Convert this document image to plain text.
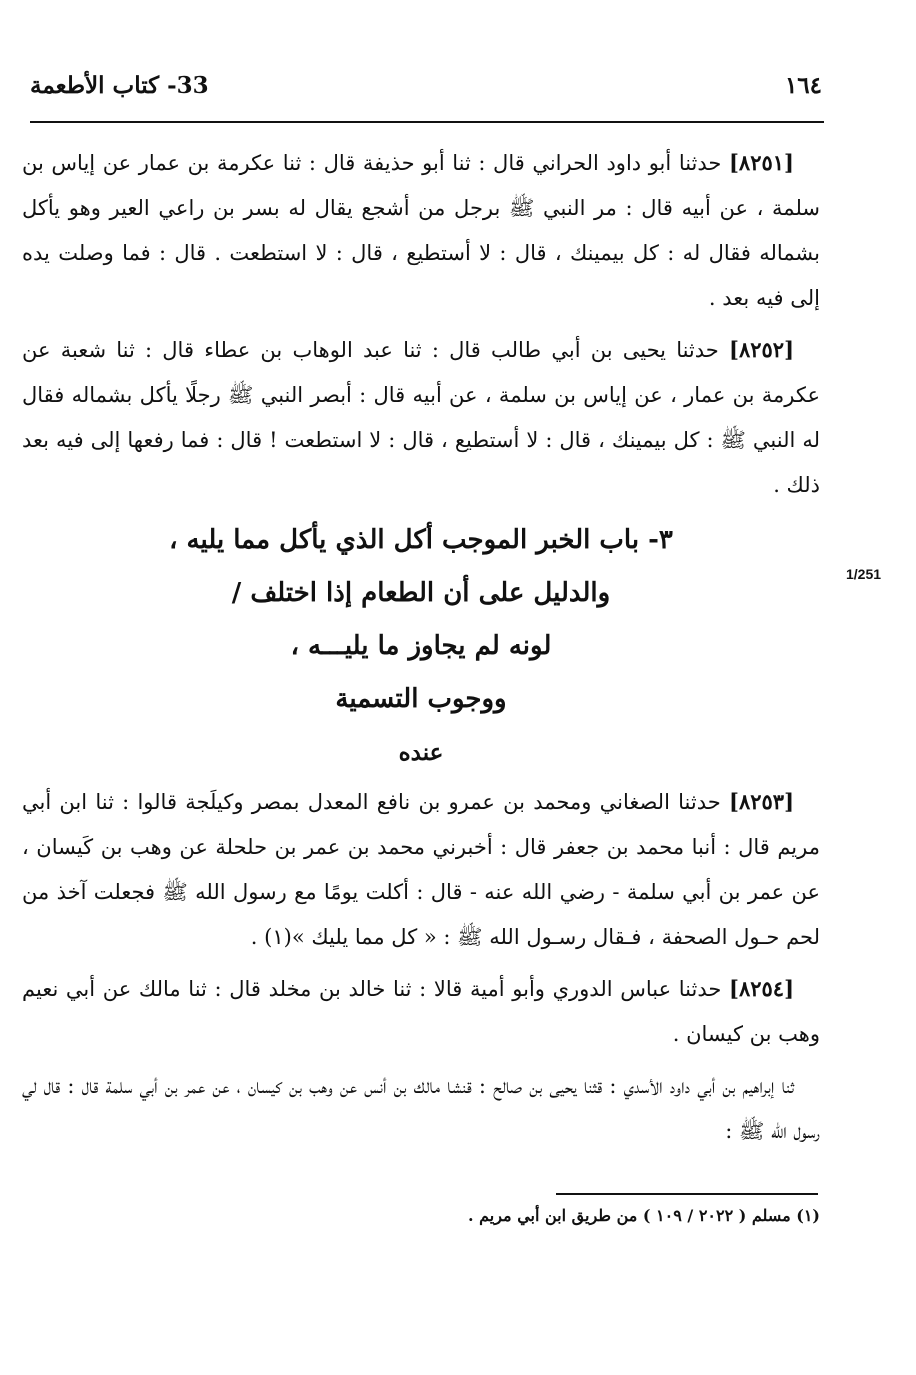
١٦٤
33- كتاب الأطعمة
1/251

[٨٢٥١] حدثنا أبو داود الحراني قال : ثنا أبو حذيفة قال : ثنا عكرمة بن عمار عن إياس بن سلمة ، عن أبيه قال : مر النبي ﷺ برجل من أشجع يقال له بسر بن راعي العير وهو يأكل بشماله فقال له : كل بيمينك ، قال : لا أستطيع ، قال : لا استطعت . قال : فما وصلت يده إلى فيه بعد .

[٨٢٥٢] حدثنا يحيى بن أبي طالب قال : ثنا عبد الوهاب بن عطاء قال : ثنا شعبة عن عكرمة بن عمار ، عن إياس بن سلمة ، عن أبيه قال : أبصر النبي ﷺ رجلًا يأكل بشماله فقال له النبي ﷺ : كل بيمينك ، قال : لا أستطيع ، قال : لا استطعت ! قال : فما رفعها إلى فيه بعد ذلك .

٣- باب الخبر الموجب أكل الذي يأكل مما يليه ،

والدليل على أن الطعام إذا اختلف /

لونه لم يجاوز ما يليـــه ،

ووجوب التسمية

عنده

[٨٢٥٣] حدثنا الصغاني ومحمد بن عمرو بن نافع المعدل بمصر وكيلَجة قالوا : ثنا ابن أبي مريم قال : أنبا محمد بن جعفر قال : أخبرني محمد بن عمر بن حلحلة عن وهب بن كَيسان ، عن عمر بن أبي سلمة - رضي الله عنه - قال : أكلت يومًا مع رسول الله ﷺ فجعلت آخذ من لحم حـول الصحفة ، فـقال رسـول الله ﷺ : « كل مما يليك »(١) .

[٨٢٥٤] حدثنا عباس الدوري وأبو أمية قالا : ثنا خالد بن مخلد قال : ثنا مالك عن أبي نعيم وهب بن كيسان .

ثنا إبراهيم بن أبي داود الأسدي : قثنا يحيى بن صالح : قنشا مالك بن أنس عن وهب بن كيسان ، عن عمر بن أبي سلمة قال : قال لي رسول الله ﷺ :

(١) مسلم ( ٢٠٢٢ / ١٠٩ ) من طريق ابن أبي مريم .
